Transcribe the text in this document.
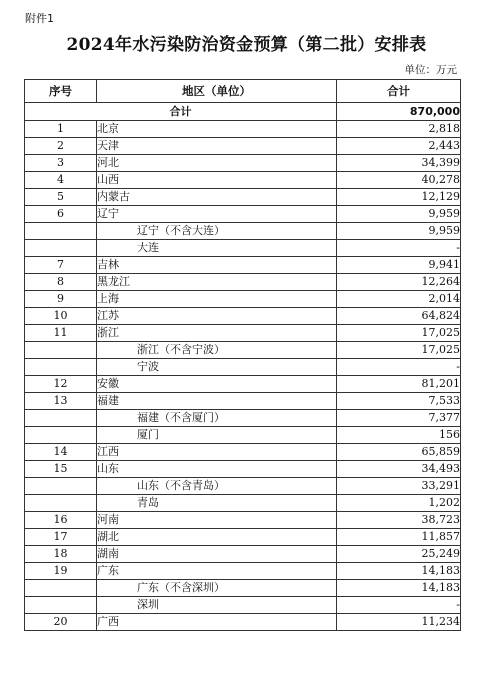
附件1
2024年水污染防治资金预算（第二批）安排表
单位：万元
序号	地区（单位）	合计
合计		870,000
1	北京	2,818
2	天津	2,443
3	河北	34,399
4	山西	40,278
5	内蒙古	12,129
6	辽宁	9,959
	辽宁（不含大连）	9,959
	大连	-
7	吉林	9,941
8	黑龙江	12,264
9	上海	2,014
10	江苏	64,824
11	浙江	17,025
	浙江（不含宁波）	17,025
	宁波	-
12	安徽	81,201
13	福建	7,533
	福建（不含厦门）	7,377
	厦门	156
14	江西	65,859
15	山东	34,493
	山东（不含青岛）	33,291
	青岛	1,202
16	河南	38,723
17	湖北	11,857
18	湖南	25,249
19	广东	14,183
	广东（不含深圳）	14,183
	深圳	-
20	广西	11,234
